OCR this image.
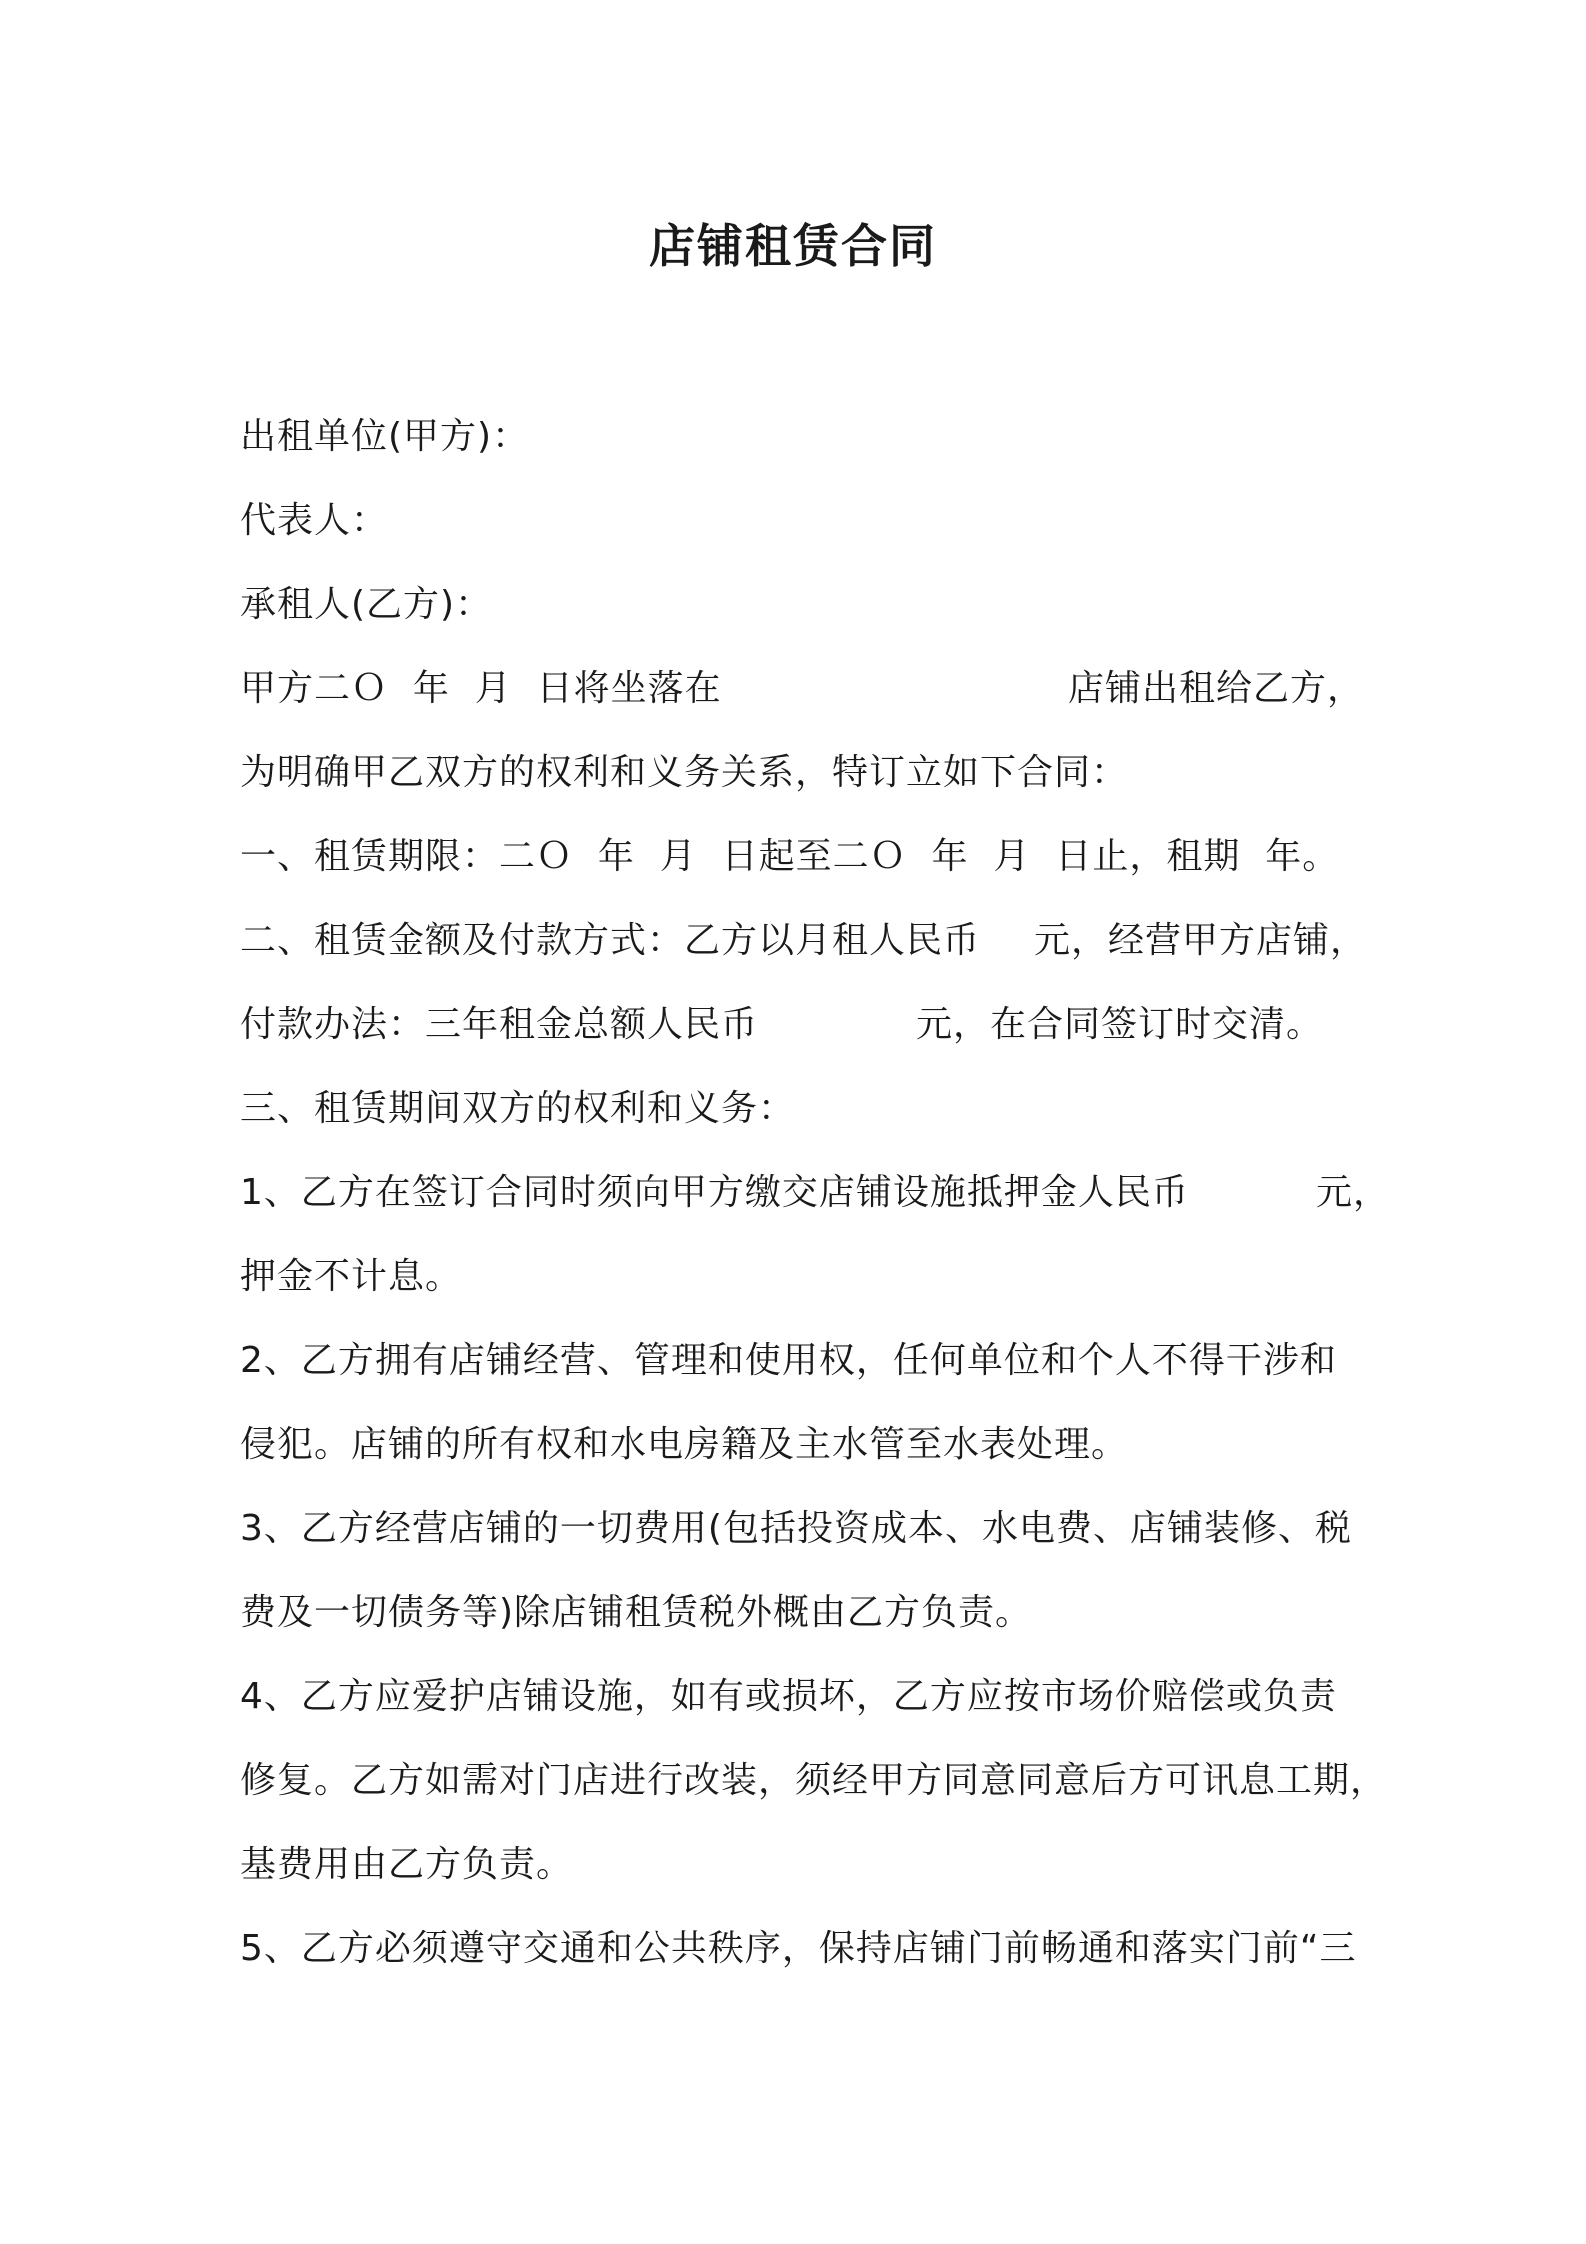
店铺租赁合同
出租单位(甲方)：
代表人：
承租人(乙方)：
甲方二Ｏ  年  月  日将坐落在	店铺出租给乙方，
为明确甲乙双方的权利和义务关系，特订立如下合同：
一、租赁期限：二Ｏ  年  月  日起至二Ｏ  年  月  日止，租期  年。
二、租赁金额及付款方式：乙方以月租人民币 元，经营甲方店铺，
付款办法：三年租金总额人民币	元，在合同签订时交清。
三、租赁期间双方的权利和义务：
1、乙方在签订合同时须向甲方缴交店铺设施抵押金人民币	元，
押金不计息。
2、乙方拥有店铺经营、管理和使用权，任何单位和个人不得干涉和
侵犯。店铺的所有权和水电房籍及主水管至水表处理。
3、乙方经营店铺的一切费用(包括投资成本、水电费、店铺装修、税
费及一切债务等)除店铺租赁税外概由乙方负责。
4、乙方应爱护店铺设施，如有或损坏，乙方应按市场价赔偿或负责
修复。乙方如需对门店进行改装，须经甲方同意同意后方可讯息工期，
基费用由乙方负责。
5、乙方必须遵守交通和公共秩序，保持店铺门前畅通和落实门前“三
